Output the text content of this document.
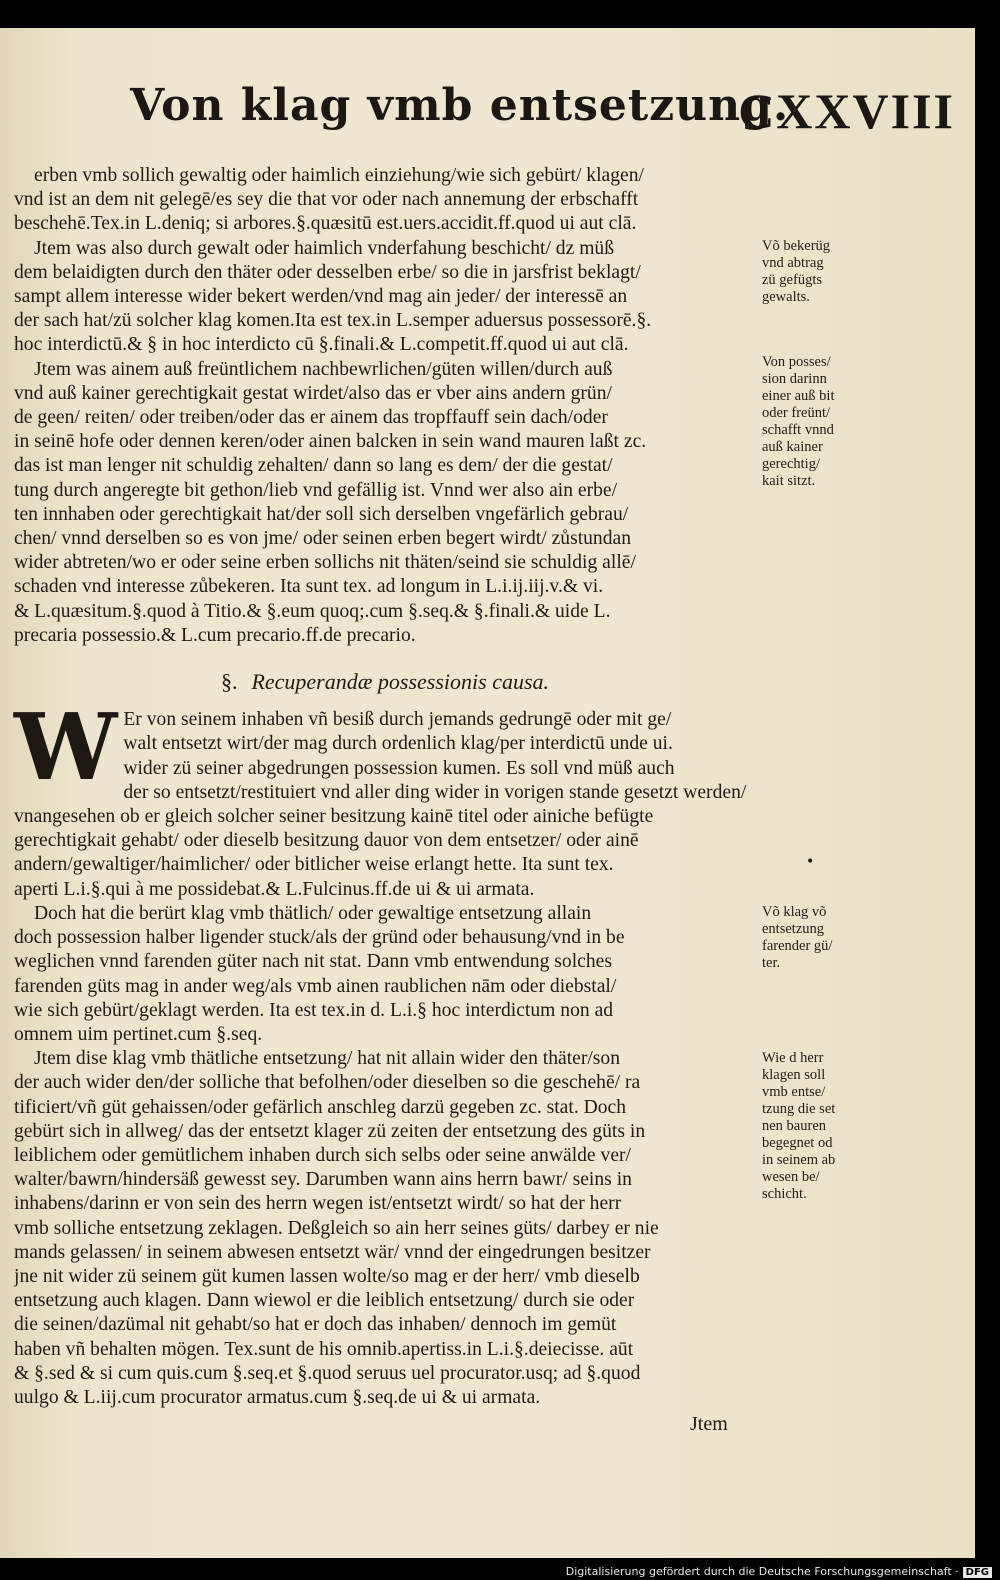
Von klag vmb entsetzung.
CXXVIII
erben vmb sollich gewaltig oder haimlich einziehung/wie sich gebürt/ klagen/
vnd ist an dem nit gelegē/es sey die that vor oder nach annemung der erbschafft
beschehē.Tex.in L.deniq; si arbores.§.quæsitū est.uers.accidit.ff.quod ui aut clā.
Jtem was also durch gewalt oder haimlich vnderfahung beschicht/ dz müß
dem belaidigten durch den thäter oder desselben erbe/ so die in jarsfrist beklagt/
sampt allem interesse wider bekert werden/vnd mag ain jeder/ der interessē an
der sach hat/zü solcher klag komen.Ita est tex.in L.semper aduersus possessorē.§.
hoc interdictū.& § in hoc interdicto cū §.finali.& L.competit.ff.quod ui aut clā.
Jtem was ainem auß freüntlichem nachbewrlichen/güten willen/durch auß
vnd auß kainer gerechtigkait gestat wirdet/also das er vber ains andern grün/
de geen/ reiten/ oder treiben/oder das er ainem das tropffauff sein dach/oder
in seinē hofe oder dennen keren/oder ainen balcken in sein wand mauren laßt zc.
das ist man lenger nit schuldig zehalten/ dann so lang es dem/ der die gestat/
tung durch angeregte bit gethon/lieb vnd gefällig ist. Vnnd wer also ain erbe/
ten innhaben oder gerechtigkait hat/der soll sich derselben vngefärlich gebrau/
chen/ vnnd derselben so es von jme/ oder seinen erben begert wirdt/ zůstundan
wider abtreten/wo er oder seine erben sollichs nit thäten/seind sie schuldig allē/
schaden vnd interesse zůbekeren. Ita sunt tex. ad longum in L.i.ij.iij.v.& vi.
& L.quæsitum.§.quod à Titio.& §.eum quoq;.cum §.seq.& §.finali.& uide L.
precaria possessio.& L.cum precario.ff.de precario.
§. Recuperandæ possessionis causa.
W Er von seinem inhaben vñ besiß durch jemands gedrungē oder mit ge/
walt entsetzt wirt/der mag durch ordenlich klag/per interdictū unde ui.
wider zü seiner abgedrungen possession kumen. Es soll vnd müß auch
der so entsetzt/restituiert vnd aller ding wider in vorigen stande gesetzt werden/
vnangesehen ob er gleich solcher seiner besitzung kainē titel oder ainiche befügte
gerechtigkait gehabt/ oder dieselb besitzung dauor von dem entsetzer/ oder ainē
andern/gewaltiger/haimlicher/ oder bitlicher weise erlangt hette. Ita sunt tex.
aperti L.i.§.qui à me possidebat.& L.Fulcinus.ff.de ui & ui armata.
Doch hat die berürt klag vmb thätlich/ oder gewaltige entsetzung allain
doch possession halber ligender stuck/als der gründ oder behausung/vnd in be
weglichen vnnd farenden güter nach nit stat. Dann vmb entwendung solches
farenden güts mag in ander weg/als vmb ainen raublichen nām oder diebstal/
wie sich gebürt/geklagt werden. Ita est tex.in d. L.i.§ hoc interdictum non ad
omnem uim pertinet.cum §.seq.
Jtem dise klag vmb thätliche entsetzung/ hat nit allain wider den thäter/son
der auch wider den/der solliche that befolhen/oder dieselben so die geschehē/ ra
tificiert/vñ güt gehaissen/oder gefärlich anschleg darzü gegeben zc. stat. Doch
gebürt sich in allweg/ das der entsetzt klager zü zeiten der entsetzung des güts in
leiblichem oder gemütlichem inhaben durch sich selbs oder seine anwälde ver/
walter/bawrn/hindersäß gewesst sey. Darumben wann ains herrn bawr/ seins in
inhabens/darinn er von sein des herrn wegen ist/entsetzt wirdt/ so hat der herr
vmb solliche entsetzung zeklagen. Deßgleich so ain herr seines güts/ darbey er nie
mands gelassen/ in seinem abwesen entsetzt wär/ vnnd der eingedrungen besitzer
jne nit wider zü seinem güt kumen lassen wolte/so mag er der herr/ vmb dieselb
entsetzung auch klagen. Dann wiewol er die leiblich entsetzung/ durch sie oder
die seinen/dazümal nit gehabt/so hat er doch das inhaben/ dennoch im gemüt
haben vñ behalten mögen. Tex.sunt de his omnib.apertiss.in L.i.§.deiecisse. aūt
& §.sed & si cum quis.cum §.seq.et §.quod seruus uel procurator.usq; ad §.quod
uulgo & L.iij.cum procurator armatus.cum §.seq.de ui & ui armata.
Võ bekerüg
vnd abtrag
zü gefügts
gewalts.
Von posses/
sion darinn
einer auß bit
oder freünt/
schafft vnnd
auß kainer
gerechtig/
kait sitzt.
Võ klag võ
entsetzung
farender gü/
ter.
Wie d herr
klagen soll
vmb entse/
tzung die set
nen bauren
begegnet od
in seinem ab
wesen be/
schicht.
•
Jtem
Digitalisierung gefördert durch die Deutsche Forschungsgemeinschaft · DFG
